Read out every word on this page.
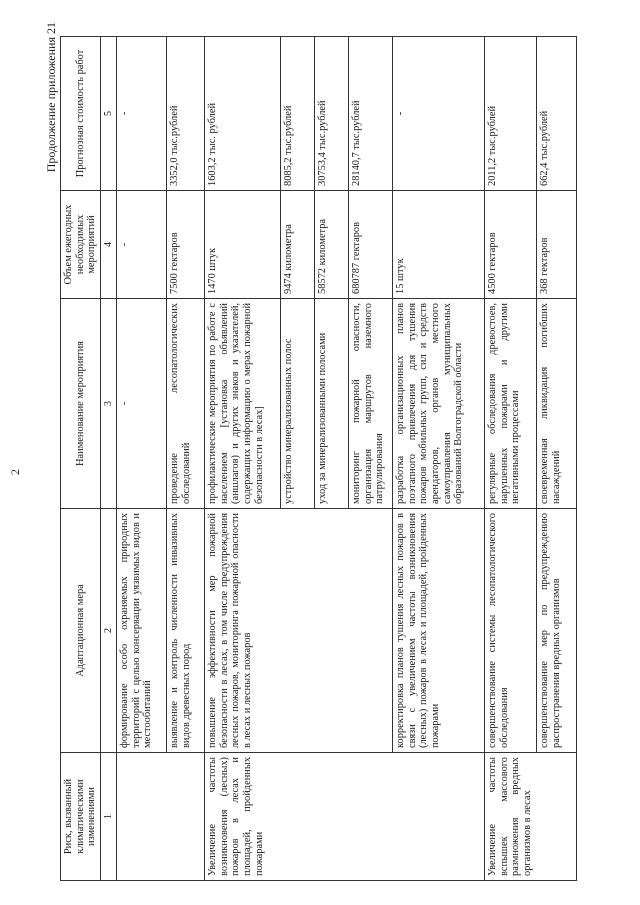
2
Продолжение приложения 21
Риск, вызванный климатическими изменениями	Адаптационная мера	Наименование мероприятия	Объем ежегодных необходимых мероприятий	Прогнозная стоимость работ
1	2	3	4	5
	формирование особо охраняемых природных территорий с целью консервации уязвимых видов и местообитаний	-	-	-
	выявление и контроль численности инвазивных видов древесных пород	проведение лесопатологических обследований	7500 гектаров	3352,0 тыс.рублей
Увеличение частоты возникновения (лесных) пожаров в лесах и площадей, пройденных пожарами	повышение эффективности мер пожарной безопасности в лесах, в том числе предупреждения лесных пожаров, мониторинга пожарной опасности в лесах и лесных пожаров	профилактические мероприятия по работе с населением [установка объявлений (аншлагов) и других знаков и указателей, содержащих информацию о мерах пожарной безопасности в лесах]	1470 штук	1603,2 тыс. рублей
		устройство минерализованных полос	9474 километра	8085,2 тыс.рублей
		уход за минерализованными полосами	58572 километра	30753,4 тыс.рублей
		мониторинг пожарной опасности, организация маршрутов наземного патрулирования	680787 гектаров	28140,7 тыс.рублей
	корректировка планов тушения лесных пожаров в связи с увеличением частоты возникновения (лесных) пожаров в лесах и площадей, пройденных пожарами	разработка организационных планов поэтапного привлечения для тушения пожаров мобильных групп, сил и средств арендаторов, органов местного самоуправления муниципальных образований Волгоградской области	15 штук	-
Увеличение частоты вспышек массового размножения вредных организмов в лесах	совершенствование системы лесопатологического обследования	регулярные обследования древостоев, нарушенных пожарами и другими негативными процессами	4500 гектаров	2011,2 тыс.рублей
	совершенствование мер по предупреждению распространения вредных организмов	своевременная ликвидация погибших насаждений	368 гектаров	662,4 тыс.рублей
